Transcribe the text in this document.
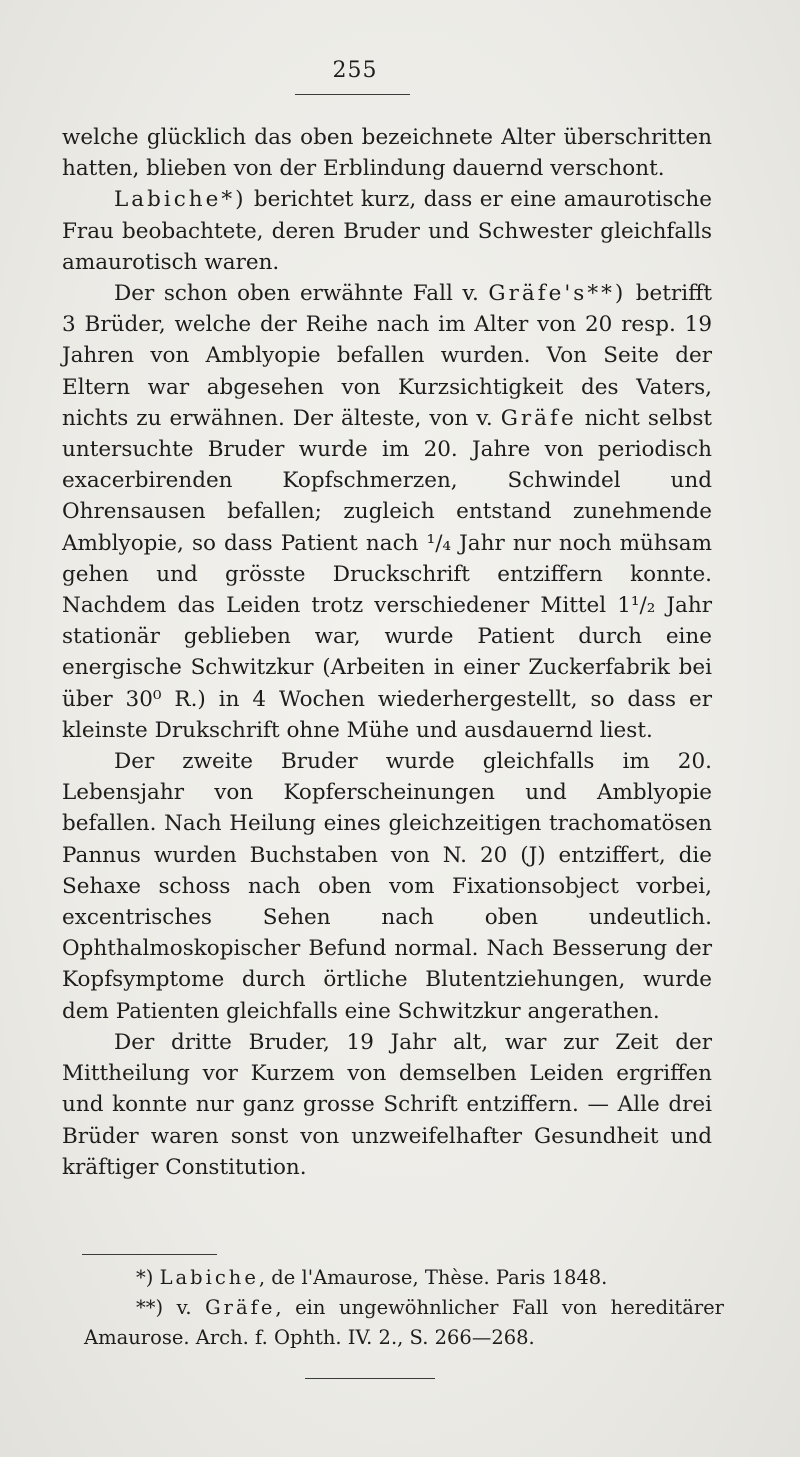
255

welche glücklich das oben bezeichnete Alter überschritten hatten, blieben von der Erblindung dauernd verschont.

Labiche*) berichtet kurz, dass er eine amaurotische Frau beobachtete, deren Bruder und Schwester gleichfalls amaurotisch waren.

Der schon oben erwähnte Fall v. Gräfe's**) betrifft 3 Brüder, welche der Reihe nach im Alter von 20 resp. 19 Jahren von Amblyopie befallen wurden. Von Seite der Eltern war abgesehen von Kurzsichtigkeit des Vaters, nichts zu erwähnen. Der älteste, von v. Gräfe nicht selbst untersuchte Bruder wurde im 20. Jahre von periodisch exacerbirenden Kopfschmerzen, Schwindel und Ohrensausen befallen; zugleich entstand zunehmende Amblyopie, so dass Patient nach ¹/₄ Jahr nur noch mühsam gehen und grösste Druckschrift entziffern konnte. Nachdem das Leiden trotz verschiedener Mittel 1¹/₂ Jahr stationär geblieben war, wurde Patient durch eine energische Schwitzkur (Arbeiten in einer Zuckerfabrik bei über 30⁰ R.) in 4 Wochen wiederhergestellt, so dass er kleinste Drukschrift ohne Mühe und ausdauernd liest.

Der zweite Bruder wurde gleichfalls im 20. Lebensjahr von Kopferscheinungen und Amblyopie befallen. Nach Heilung eines gleichzeitigen trachomatösen Pannus wurden Buchstaben von N. 20 (J) entziffert, die Sehaxe schoss nach oben vom Fixationsobject vorbei, excentrisches Sehen nach oben undeutlich. Ophthalmoskopischer Befund normal. Nach Besserung der Kopfsymptome durch örtliche Blutentziehungen, wurde dem Patienten gleichfalls eine Schwitzkur angerathen.

Der dritte Bruder, 19 Jahr alt, war zur Zeit der Mittheilung vor Kurzem von demselben Leiden ergriffen und konnte nur ganz grosse Schrift entziffern. — Alle drei Brüder waren sonst von unzweifelhafter Gesundheit und kräftiger Constitution.

*) Labiche, de l'Amaurose, Thèse. Paris 1848.

**) v. Gräfe, ein ungewöhnlicher Fall von hereditärer Amaurose. Arch. f. Ophth. IV. 2., S. 266—268.
